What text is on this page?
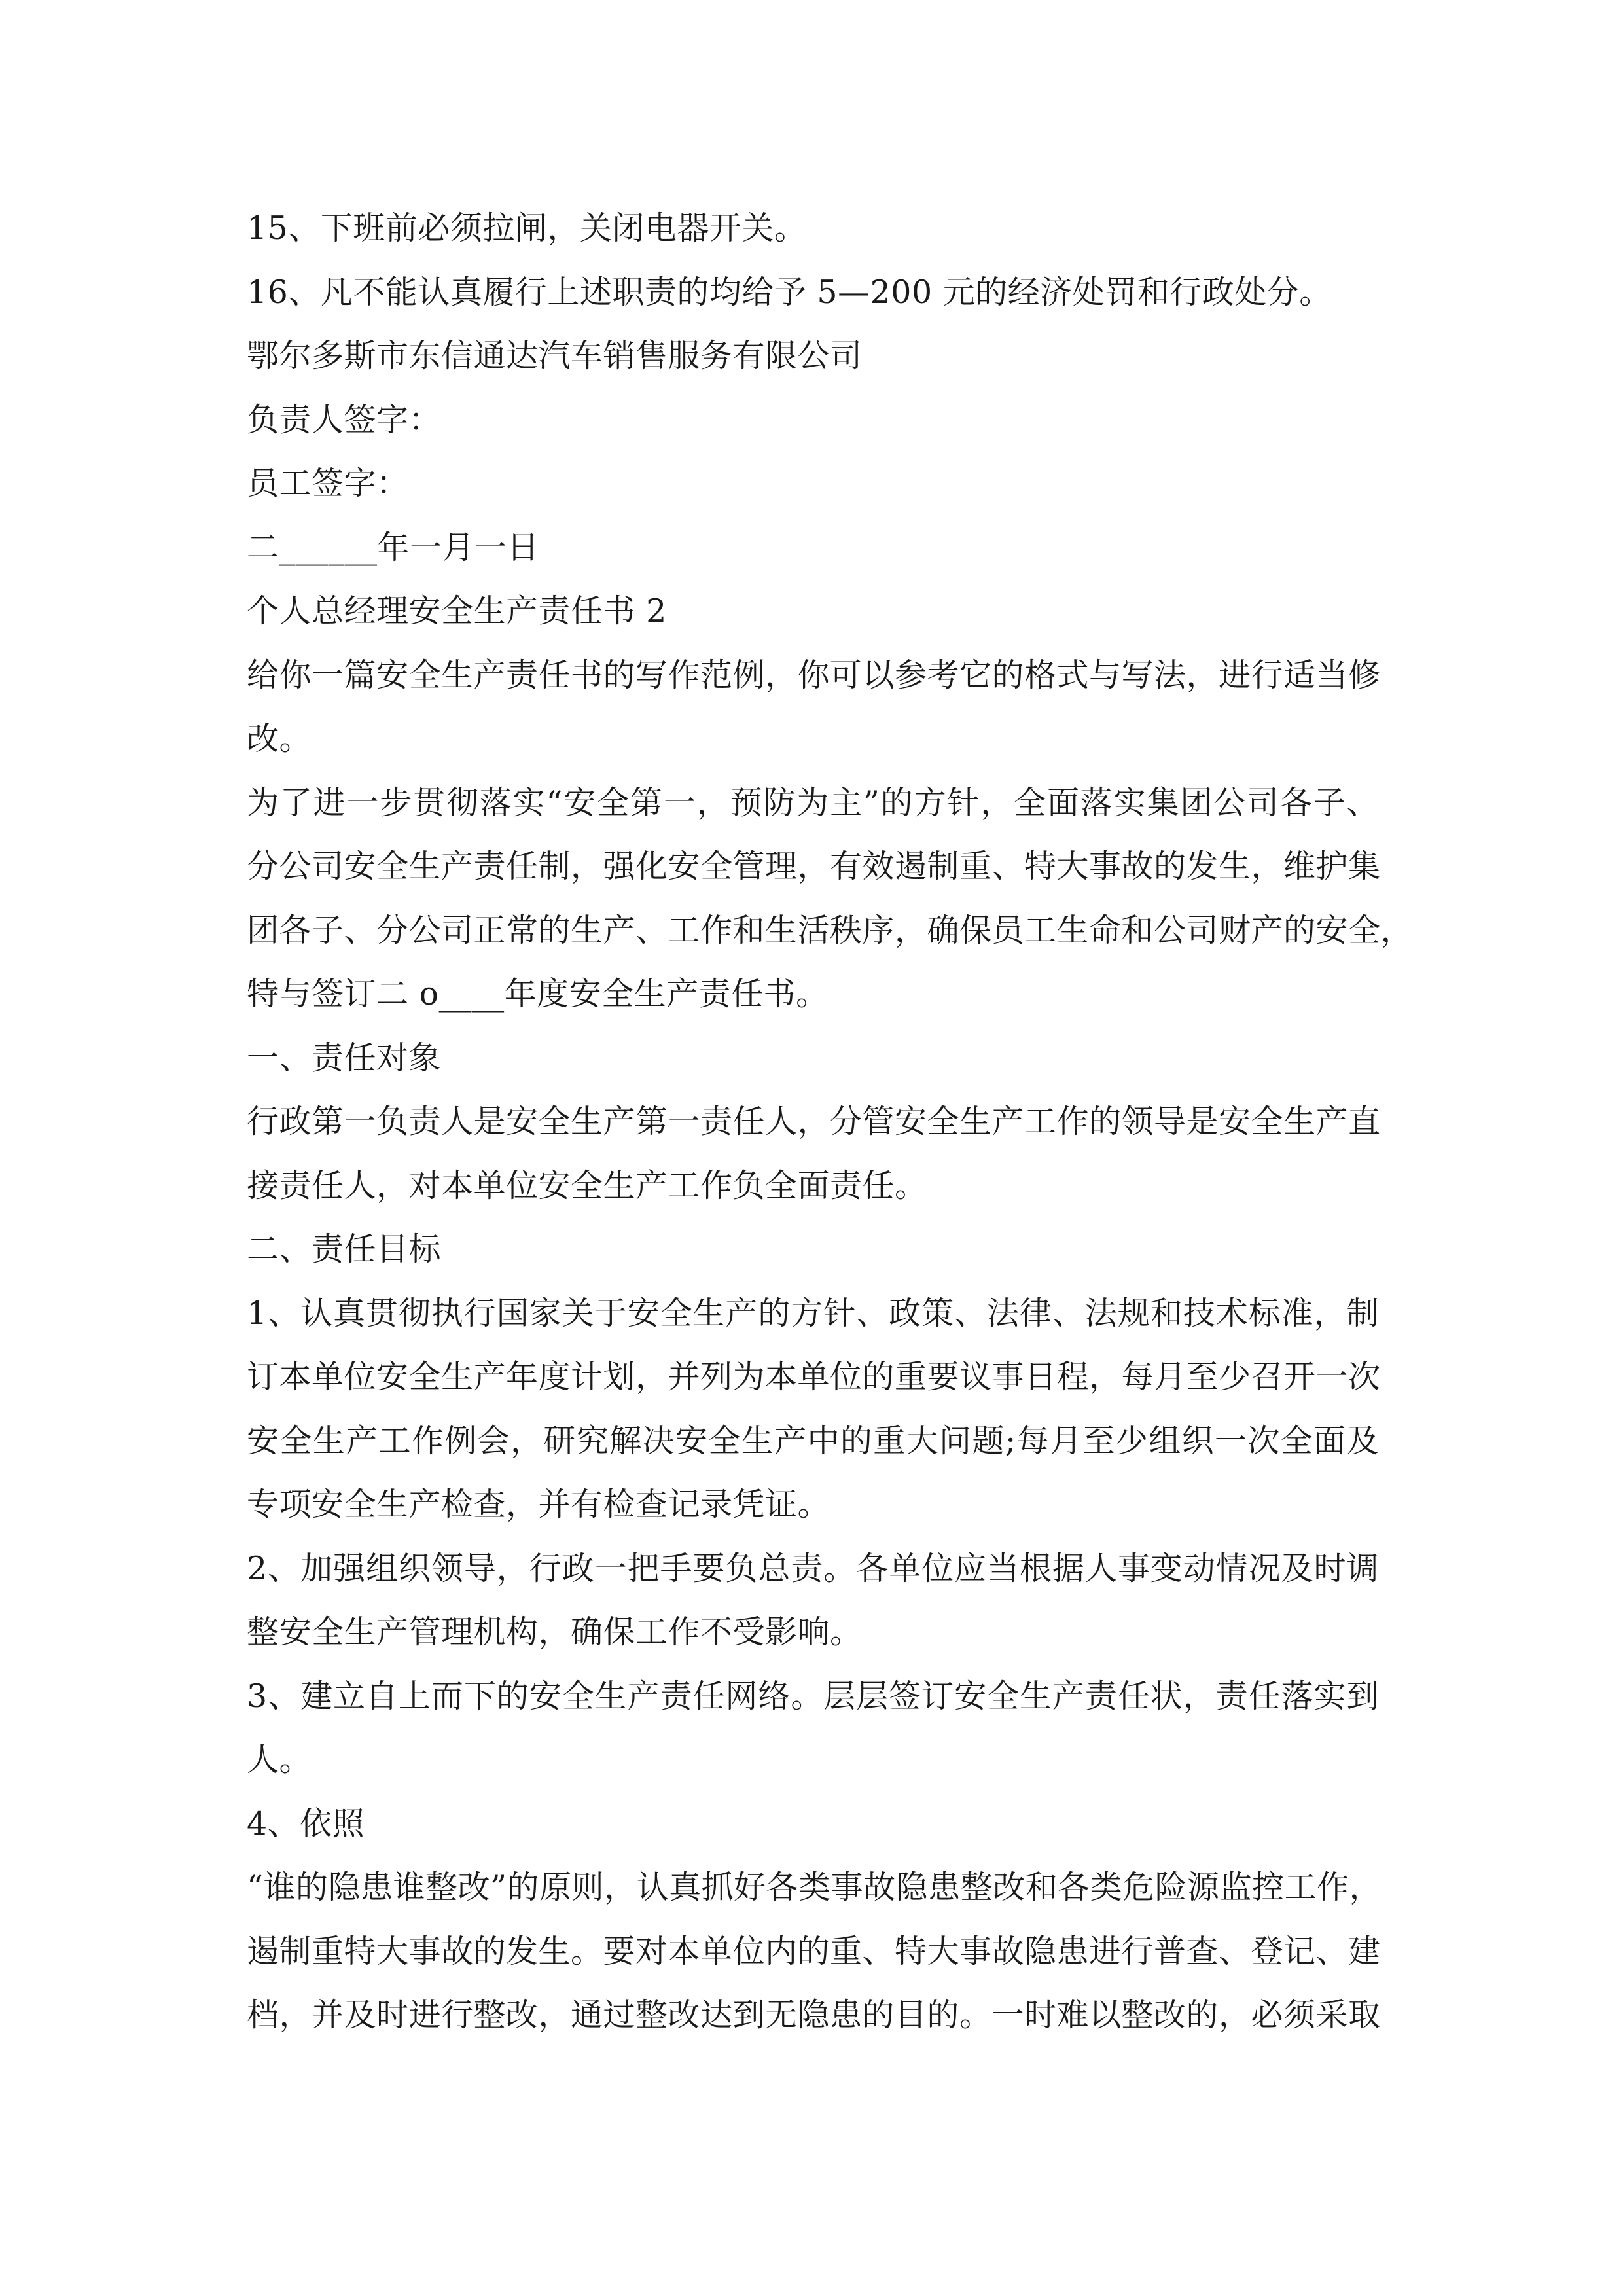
15、下班前必须拉闸，关闭电器开关。
16、凡不能认真履行上述职责的均给予 5—200 元的经济处罚和行政处分。
鄂尔多斯市东信通达汽车销售服务有限公司
负责人签字：
员工签字：
二______年一月一日
个人总经理安全生产责任书 2
给你一篇安全生产责任书的写作范例，你可以参考它的格式与写法，进行适当修
改。
为了进一步贯彻落实“安全第一，预防为主”的方针，全面落实集团公司各子、
分公司安全生产责任制，强化安全管理，有效遏制重、特大事故的发生，维护集
团各子、分公司正常的生产、工作和生活秩序，确保员工生命和公司财产的安全，
特与签订二 o____年度安全生产责任书。
一、责任对象
行政第一负责人是安全生产第一责任人，分管安全生产工作的领导是安全生产直
接责任人，对本单位安全生产工作负全面责任。
二、责任目标
1、认真贯彻执行国家关于安全生产的方针、政策、法律、法规和技术标准，制
订本单位安全生产年度计划，并列为本单位的重要议事日程，每月至少召开一次
安全生产工作例会，研究解决安全生产中的重大问题;每月至少组织一次全面及
专项安全生产检查，并有检查记录凭证。
2、加强组织领导，行政一把手要负总责。各单位应当根据人事变动情况及时调
整安全生产管理机构，确保工作不受影响。
3、建立自上而下的安全生产责任网络。层层签订安全生产责任状，责任落实到
人。
4、依照
“谁的隐患谁整改”的原则，认真抓好各类事故隐患整改和各类危险源监控工作，
遏制重特大事故的发生。要对本单位内的重、特大事故隐患进行普查、登记、建
档，并及时进行整改，通过整改达到无隐患的目的。一时难以整改的，必须采取
